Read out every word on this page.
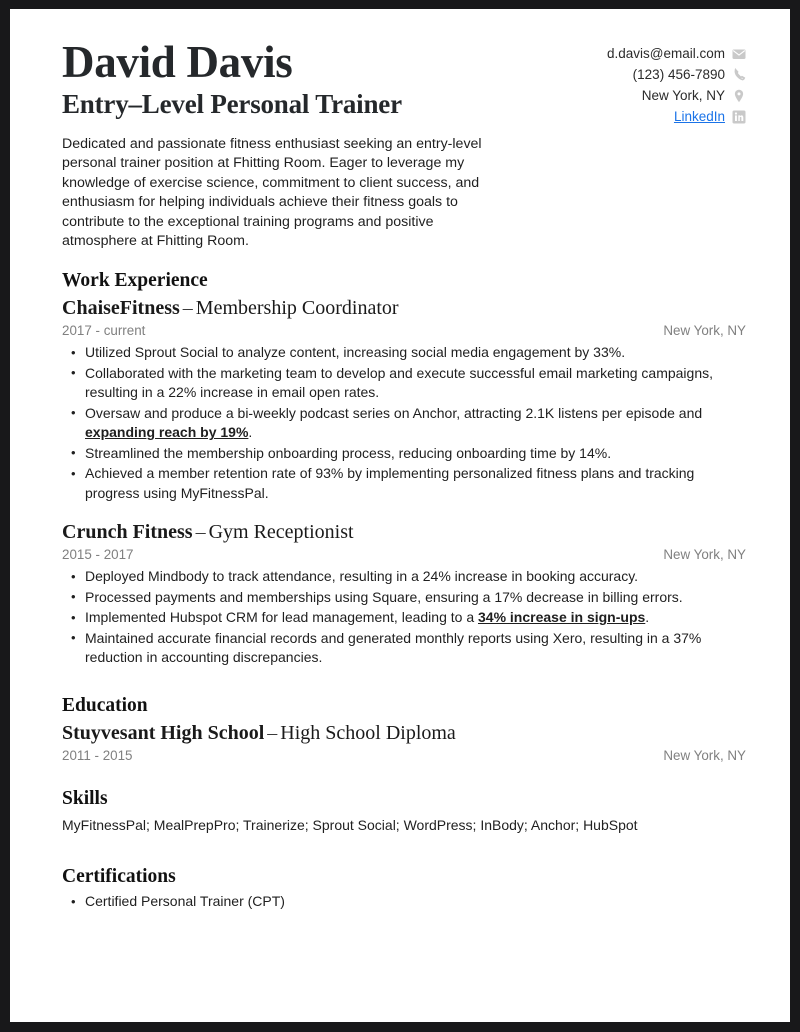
David Davis
Entry–Level Personal Trainer
d.davis@email.com
(123) 456-7890
New York, NY
LinkedIn

Dedicated and passionate fitness enthusiast seeking an entry-level personal trainer position at Fhitting Room. Eager to leverage my knowledge of exercise science, commitment to client success, and enthusiasm for helping individuals achieve their fitness goals to contribute to the exceptional training programs and positive atmosphere at Fhitting Room.

Work Experience

ChaiseFitness – Membership Coordinator

2017 - current	New York, NY
• Utilized Sprout Social to analyze content, increasing social media engagement by 33%.
• Collaborated with the marketing team to develop and execute successful email marketing campaigns, resulting in a 22% increase in email open rates.
• Oversaw and produce a bi-weekly podcast series on Anchor, attracting 2.1K listens per episode and expanding reach by 19%.
• Streamlined the membership onboarding process, reducing onboarding time by 14%.
• Achieved a member retention rate of 93% by implementing personalized fitness plans and tracking progress using MyFitnessPal.

Crunch Fitness – Gym Receptionist

2015 - 2017	New York, NY
• Deployed Mindbody to track attendance, resulting in a 24% increase in booking accuracy.
• Processed payments and memberships using Square, ensuring a 17% decrease in billing errors.
• Implemented Hubspot CRM for lead management, leading to a 34% increase in sign-ups.
• Maintained accurate financial records and generated monthly reports using Xero, resulting in a 37% reduction in accounting discrepancies.
Education

Stuyvesant High School – High School Diploma

2011 - 2015	New York, NY
Skills

MyFitnessPal; MealPrepPro; Trainerize; Sprout Social; WordPress; InBody; Anchor; HubSpot

Certifications
• Certified Personal Trainer (CPT)
